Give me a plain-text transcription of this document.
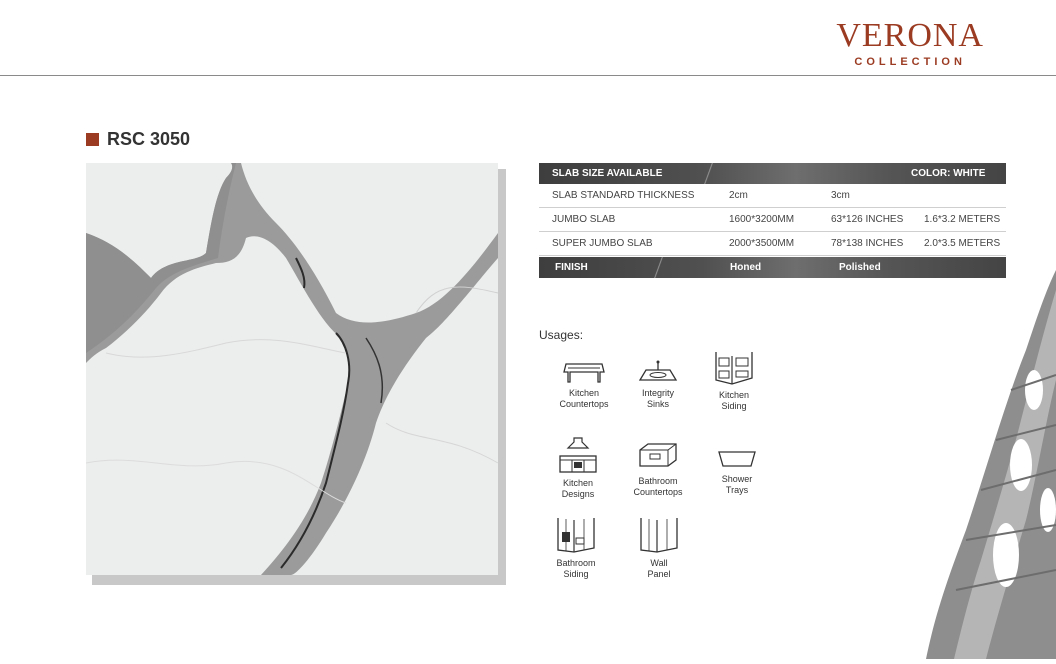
VERONA
COLLECTION
RSC 3050
SLAB SIZE AVAILABLE	COLOR: WHITE
SLAB STANDARD THICKNESS	2cm	3cm
JUMBO SLAB	1600*3200MM	63*126 INCHES 1.6*3.2 METERS
SUPER JUMBO SLAB	2000*3500MM	78*138 INCHES 2.0*3.5 METERS
FINISH	Honed	Polished
Usages:
Kitchen
Countertops
Integrity
Sinks
Kitchen
Siding
Kitchen
Designs
Bathroom
Countertops
Shower
Trays
Bathroom
Siding
Wall
Panel
